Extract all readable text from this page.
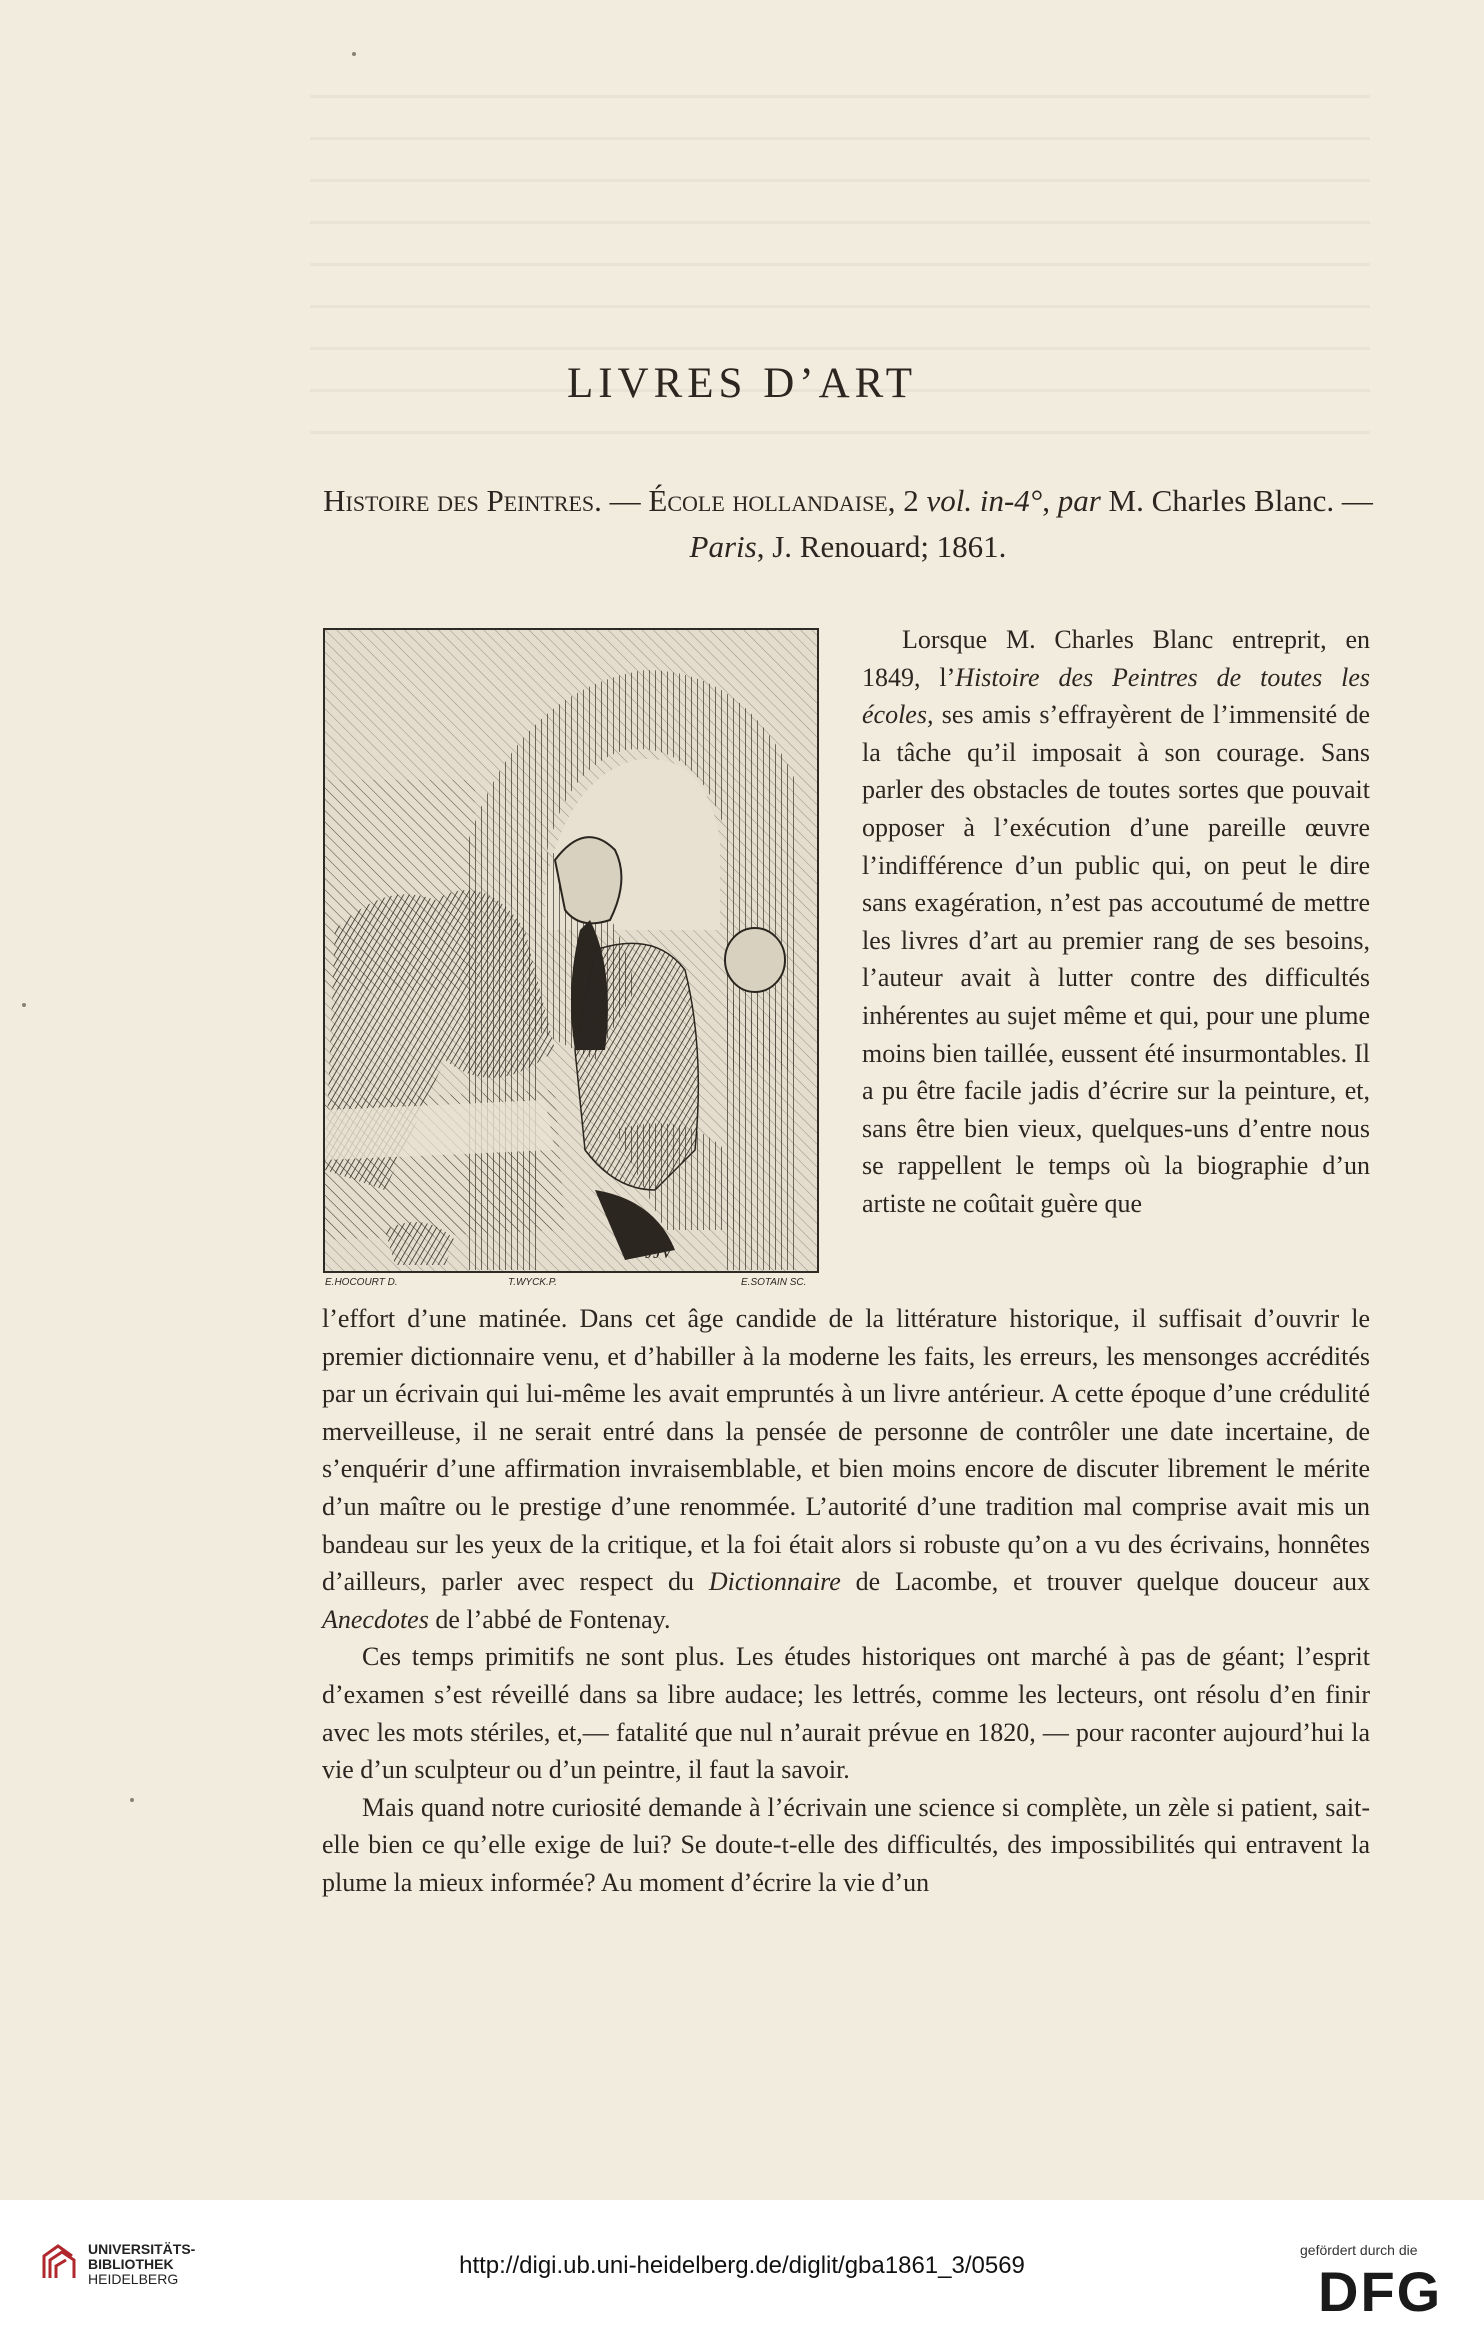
LIVRES D’ART
Histoire des Peintres. — École hollandaise, 2 vol. in-4°, par M. Charles Blanc. — Paris, J. Renouard; 1861.
JJV
E.HOCOURT D.	T.WYCK.P.	E.SOTAIN SC.

Lorsque M. Charles Blanc entreprit, en 1849, l’Histoire des Peintres de toutes les écoles, ses amis s’effrayèrent de l’immensité de la tâche qu’il imposait à son courage. Sans parler des obstacles de toutes sortes que pouvait opposer à l’exécution d’une pareille œuvre l’indifférence d’un public qui, on peut le dire sans exagération, n’est pas accoutumé de mettre les livres d’art au premier rang de ses besoins, l’auteur avait à lutter contre des difficultés inhérentes au sujet même et qui, pour une plume moins bien taillée, eussent été insurmontables. Il a pu être facile jadis d’écrire sur la peinture, et, sans être bien vieux, quelques-uns d’entre nous se rappellent le temps où la biographie d’un artiste ne coûtait guère que

l’effort d’une matinée. Dans cet âge candide de la littérature historique, il suffisait d’ouvrir le premier dictionnaire venu, et d’habiller à la moderne les faits, les erreurs, les mensonges accrédités par un écrivain qui lui-même les avait empruntés à un livre antérieur. A cette époque d’une crédulité merveilleuse, il ne serait entré dans la pensée de personne de contrôler une date incertaine, de s’enquérir d’une affirmation invraisemblable, et bien moins encore de discuter librement le mérite d’un maître ou le prestige d’une renommée. L’autorité d’une tradition mal comprise avait mis un bandeau sur les yeux de la critique, et la foi était alors si robuste qu’on a vu des écrivains, honnêtes d’ailleurs, parler avec respect du Dictionnaire de Lacombe, et trouver quelque douceur aux Anecdotes de l’abbé de Fontenay.

Ces temps primitifs ne sont plus. Les études historiques ont marché à pas de géant; l’esprit d’examen s’est réveillé dans sa libre audace; les lettrés, comme les lecteurs, ont résolu d’en finir avec les mots stériles, et,— fatalité que nul n’aurait prévue en 1820, — pour raconter aujourd’hui la vie d’un sculpteur ou d’un peintre, il faut la savoir.

Mais quand notre curiosité demande à l’écrivain une science si complète, un zèle si patient, sait-elle bien ce qu’elle exige de lui? Se doute-t-elle des difficultés, des impossibilités qui entravent la plume la mieux informée? Au moment d’écrire la vie d’un

UNIVERSITÄTS-
BIBLIOTHEK
HEIDELBERG	http://digi.ub.uni-heidelberg.de/diglit/gba1861_3/0569
gefördert durch die
DFG
